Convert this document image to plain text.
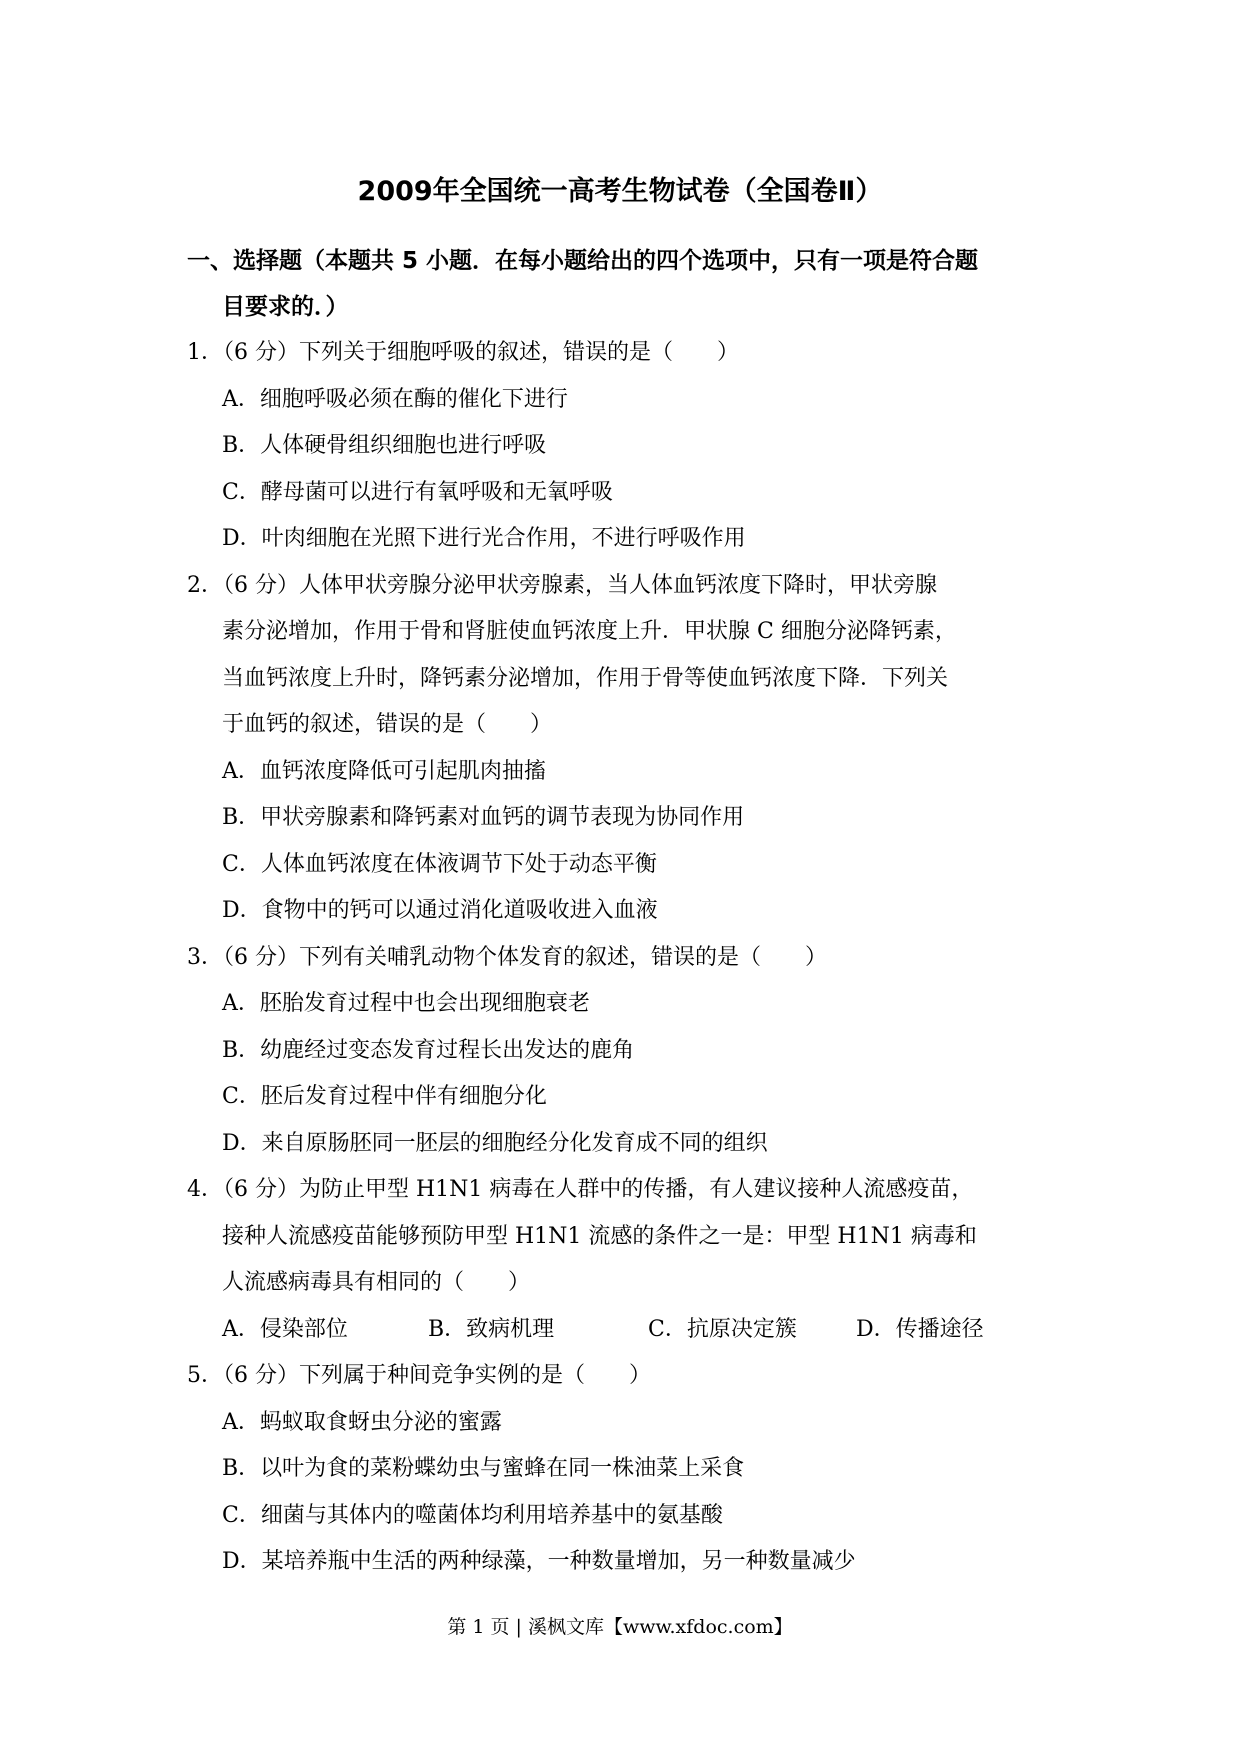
2009年全国统一高考生物试卷（全国卷Ⅱ）
一、选择题（本题共 5 小题．在每小题给出的四个选项中，只有一项是符合题
目要求的．）
1．（6 分）下列关于细胞呼吸的叙述，错误的是（　　）
A．细胞呼吸必须在酶的催化下进行
B．人体硬骨组织细胞也进行呼吸
C．酵母菌可以进行有氧呼吸和无氧呼吸
D．叶肉细胞在光照下进行光合作用，不进行呼吸作用
2．（6 分）人体甲状旁腺分泌甲状旁腺素，当人体血钙浓度下降时，甲状旁腺
素分泌增加，作用于骨和肾脏使血钙浓度上升．甲状腺 C 细胞分泌降钙素，
当血钙浓度上升时，降钙素分泌增加，作用于骨等使血钙浓度下降．下列关
于血钙的叙述，错误的是（　　）
A．血钙浓度降低可引起肌肉抽搐
B．甲状旁腺素和降钙素对血钙的调节表现为协同作用
C．人体血钙浓度在体液调节下处于动态平衡
D．食物中的钙可以通过消化道吸收进入血液
3．（6 分）下列有关哺乳动物个体发育的叙述，错误的是（　　）
A．胚胎发育过程中也会出现细胞衰老
B．幼鹿经过变态发育过程长出发达的鹿角
C．胚后发育过程中伴有细胞分化
D．来自原肠胚同一胚层的细胞经分化发育成不同的组织
4．（6 分）为防止甲型 H1N1 病毒在人群中的传播，有人建议接种人流感疫苗，
接种人流感疫苗能够预防甲型 H1N1 流感的条件之一是：甲型 H1N1 病毒和
人流感病毒具有相同的（　　）
A．侵染部位	B．致病机理	C．抗原决定簇	D．传播途径
5．（6 分）下列属于种间竞争实例的是（　　）
A．蚂蚁取食蚜虫分泌的蜜露
B．以叶为食的菜粉蝶幼虫与蜜蜂在同一株油菜上采食
C．细菌与其体内的噬菌体均利用培养基中的氨基酸
D．某培养瓶中生活的两种绿藻，一种数量增加，另一种数量减少
第 1 页 | 溪枫文库【www.xfdoc.com】
